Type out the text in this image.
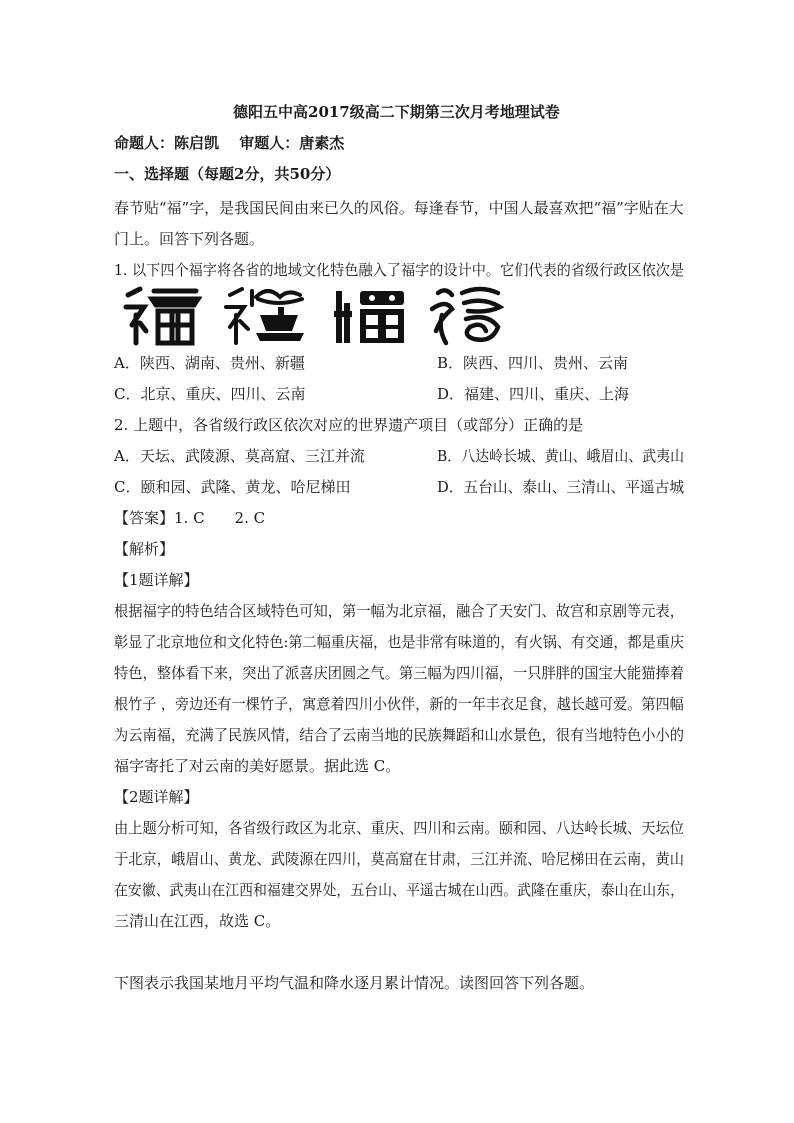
德阳五中高2017级高二下期第三次月考地理试卷
命题人：陈启凯　 审题人：唐素杰
一、选择题（每题2分，共50分）
春节贴“福”字，是我国民间由来已久的风俗。每逢春节，中国人最喜欢把“福”字贴在大
门上。回答下列各题。
1. 以下四个福字将各省的地域文化特色融入了福字的设计中。它们代表的省级行政区依次是
A．陕西、湖南、贵州、新疆	B．陕西、四川、贵州、云南
C．北京、重庆、四川、云南	D．福建、四川、重庆、上海
2. 上题中，各省级行政区依次对应的世界遗产项目（或部分）正确的是
A．天坛、武陵源、莫高窟、三江并流	B．八达岭长城、黄山、峨眉山、武夷山
C．颐和园、武隆、黄龙、哈尼梯田	D．五台山、泰山、三清山、平遥古城
【答案】1. C　　2. C
【解析】
【1题详解】
根据福字的特色结合区域特色可知，第一幅为北京福，融合了天安门、故宫和京剧等元表，
彰显了北京地位和文化特色:第二幅重庆福，也是非常有味道的，有火锅、有交通，都是重庆
特色，整体看下来，突出了派喜庆团圆之气。第三幅为四川福，一只胖胖的国宝大能猫捧着
根竹子 ，旁边还有一棵竹子，寓意着四川小伙伴，新的一年丰衣足食，越长越可爱。第四幅
为云南福，充满了民族风情，结合了云南当地的民族舞蹈和山水景色，很有当地特色小小的
福字寄托了对云南的美好愿景。据此选 C。
【2题详解】
由上题分析可知，各省级行政区为北京、重庆、四川和云南。颐和园、八达岭长城、天坛位
于北京，峨眉山、黄龙、武陵源在四川，莫高窟在甘肃，三江并流、哈尼梯田在云南，黄山
在安徽、武夷山在江西和福建交界处，五台山、平遥古城在山西。武隆在重庆，泰山在山东，
三清山在江西，故选 C。
下图表示我国某地月平均气温和降水逐月累计情况。读图回答下列各题。
